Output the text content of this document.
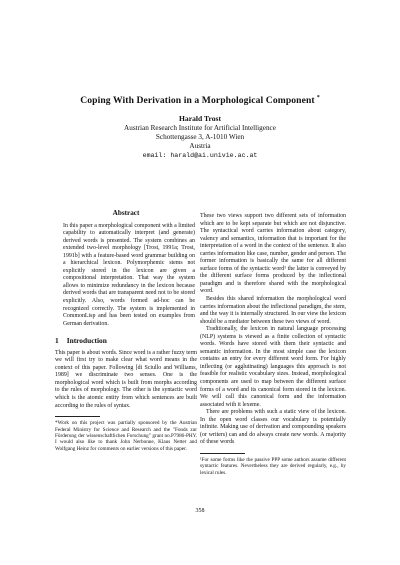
Coping With Derivation in a Morphological Component *
Harald Trost
Austrian Research Institute for Artificial Intelligence
Schottengasse 3, A-1010 Wien
Austria
email: harald@ai.univie.ac.at
Abstract

In this paper a morphological component with a limited capability to automatically interpret (and generate) derived words is presented. The system combines an extended two-level morphology [Trost, 1991a; Trost, 1991b] with a feature-based word grammar building on a hierarchical lexicon. Polymorphemic stems not explicitly stored in the lexicon are given a compositional interpretation. That way the system allows to minimize redundancy in the lexicon because derived words that are transparent need not to be stored explicitly. Also, words formed ad-hoc can be recognized correctly. The system is implemented in CommonLisp and has been tested on examples from German derivation.

1 Introduction

This paper is about words. Since word is a rather fuzzy term we will first try to make clear what word means in the context of this paper. Following [di Sciullo and Williams, 1989] we discriminate two senses. One is the morphological word which is built from morphs according to the rules of morphology. The other is the syntactic word which is the atomic entity from which sentences are built according to the rules of syntax.

*Work on this project was partially sponsored by the Austrian Federal Ministry for Science and Research and the "Fonds zur Förderung der wissenschaftlichen Forschung" grant no.P7986-PHY. I would also like to thank John Nerbonne, Klaus Netter and Wolfgang Heinz for comments on earlier versions of this paper.

These two views support two different sets of information which are to be kept separate but which are not disjunctive. The syntactical word carries information about category, valency and semantics, information that is important for the interpretation of a word in the context of the sentence. It also carries information like case, number, gender and person. The former information is basically the same for all different surface forms of the syntactic word¹ the latter is conveyed by the different surface forms produced by the inflectional paradigm and is therefore shared with the morphological word.

Besides this shared information the morphological word carries information about the inflectional paradigm, the stem, and the way it is internally structured. In our view the lexicon should be a mediator between these two views of word.

Traditionally, the lexicon in natural language processing (NLP) systems is viewed as a finite collection of syntactic words. Words have stored with them their syntactic and semantic information. In the most simple case the lexicon contains an entry for every different word form. For highly inflecting (or agglutinating) languages this approach is not feasible for realistic vocabulary sizes. Instead, morphological components are used to map between the different surface forms of a word and its canonical form stored in the lexicon. We will call this canonical form and the information associated with it lexeme.

There are problems with such a static view of the lexicon. In the open word classes our vocabulary is potentially infinite. Making use of derivation and compounding speakers (or writers) can and do always create new words. A majority of these words

¹For some forms like the passive PPP some authors assume different syntactic features. Nevertheless they are derived regularly, e.g., by lexical rules.
358
